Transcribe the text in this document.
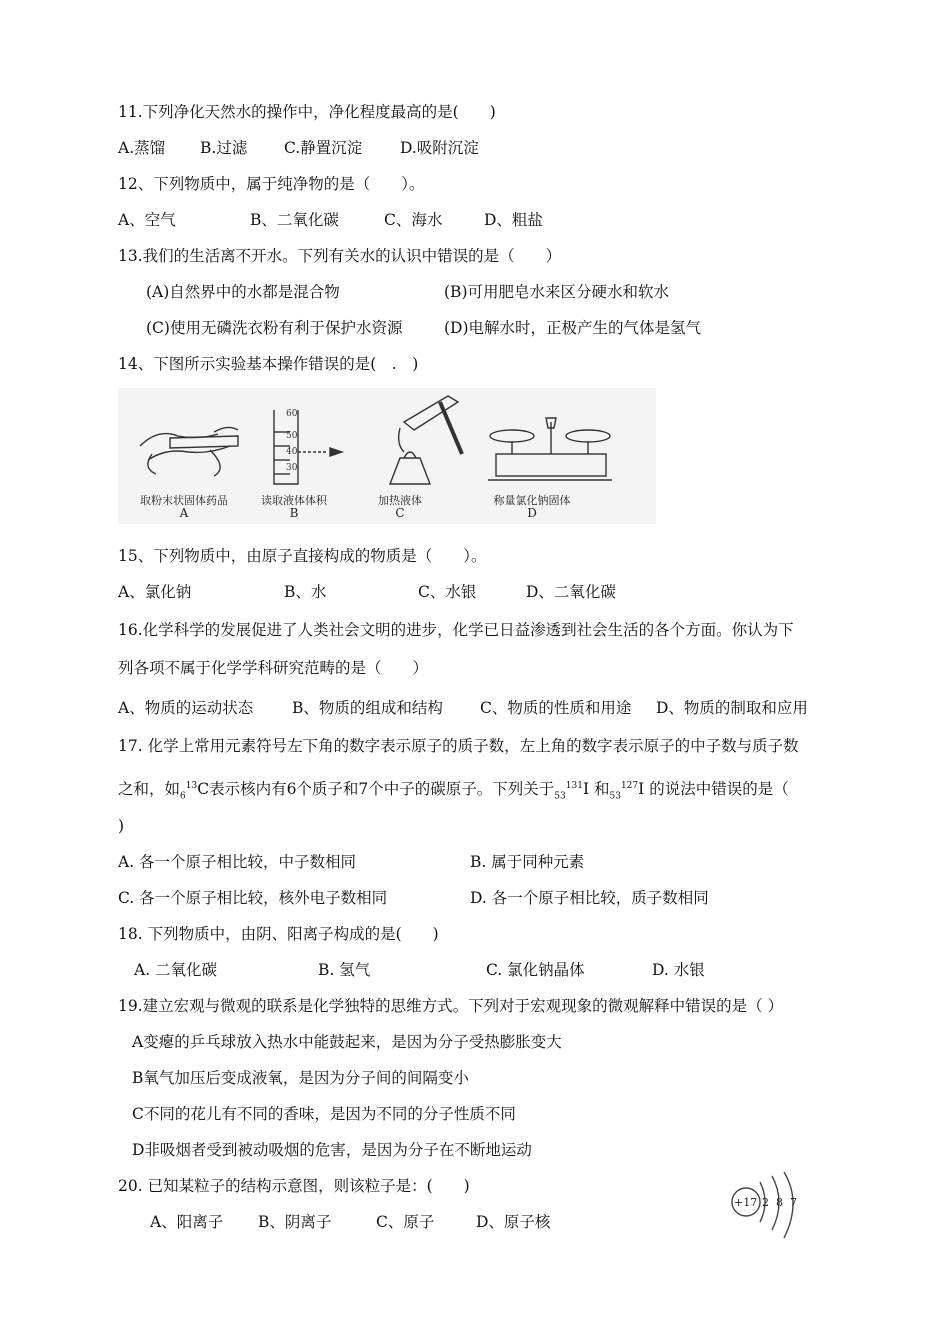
11.下列净化天然水的操作中，净化程度最高的是(　　)
A.蒸馏 B.过滤 C.静置沉淀 D.吸附沉淀
12、下列物质中，属于纯净物的是（　　）。
A、空气	B、二氧化碳	C、海水	D、粗盐
13.我们的生活离不开水。下列有关水的认识中错误的是（　　）
(A)自然界中的水都是混合物	(B)可用肥皂水来区分硬水和软水
(C)使用无磷洗衣粉有利于保护水资源	(D)电解水时，正极产生的气体是氢气
14、下图所示实验基本操作错误的是(　.　)
60
50
40
30
取粉末状固体药品
A
读取液体体积
B
加热液体
C
称量氯化钠固体
D
15、下列物质中，由原子直接构成的物质是（　　）。
A、氯化钠	B、水	C、水银	D、二氧化碳
16.化学科学的发展促进了人类社会文明的进步，化学已日益渗透到社会生活的各个方面。你认为下
列各项不属于化学学科研究范畴的是（　　）
A、物质的运动状态	B、物质的组成和结构 C、物质的性质和用途 D、物质的制取和应用
17. 化学上常用元素符号左下角的数字表示原子的质子数，左上角的数字表示原子的中子数与质子数
之和，如$_6^{13}$C表示核内有6个质子和7个中子的碳原子。下列关于$_{53}^{131}$I 和$_{53}^{127}$I 的说法中错误的是（
)
A. 各一个原子相比较，中子数相同	B. 属于同种元素
C. 各一个原子相比较，核外电子数相同	D. 各一个原子相比较，质子数相同
18. 下列物质中，由阴、阳离子构成的是(　　)
A. 二氧化碳	B. 氢气	C. 氯化钠晶体	D. 水银
19.建立宏观与微观的联系是化学独特的思维方式。下列对于宏观现象的微观解释中错误的是（ ）
A变瘪的乒乓球放入热水中能鼓起来，是因为分子受热膨胀变大
B氧气加压后变成液氧，是因为分子间的间隔变小
C不同的花儿有不同的香味，是因为不同的分子性质不同
D非吸烟者受到被动吸烟的危害，是因为分子在不断地运动
20. 已知某粒子的结构示意图，则该粒子是：(　　)
A、阳离子 B、阴离子	C、原子	D、原子核
+17 2 8 7
